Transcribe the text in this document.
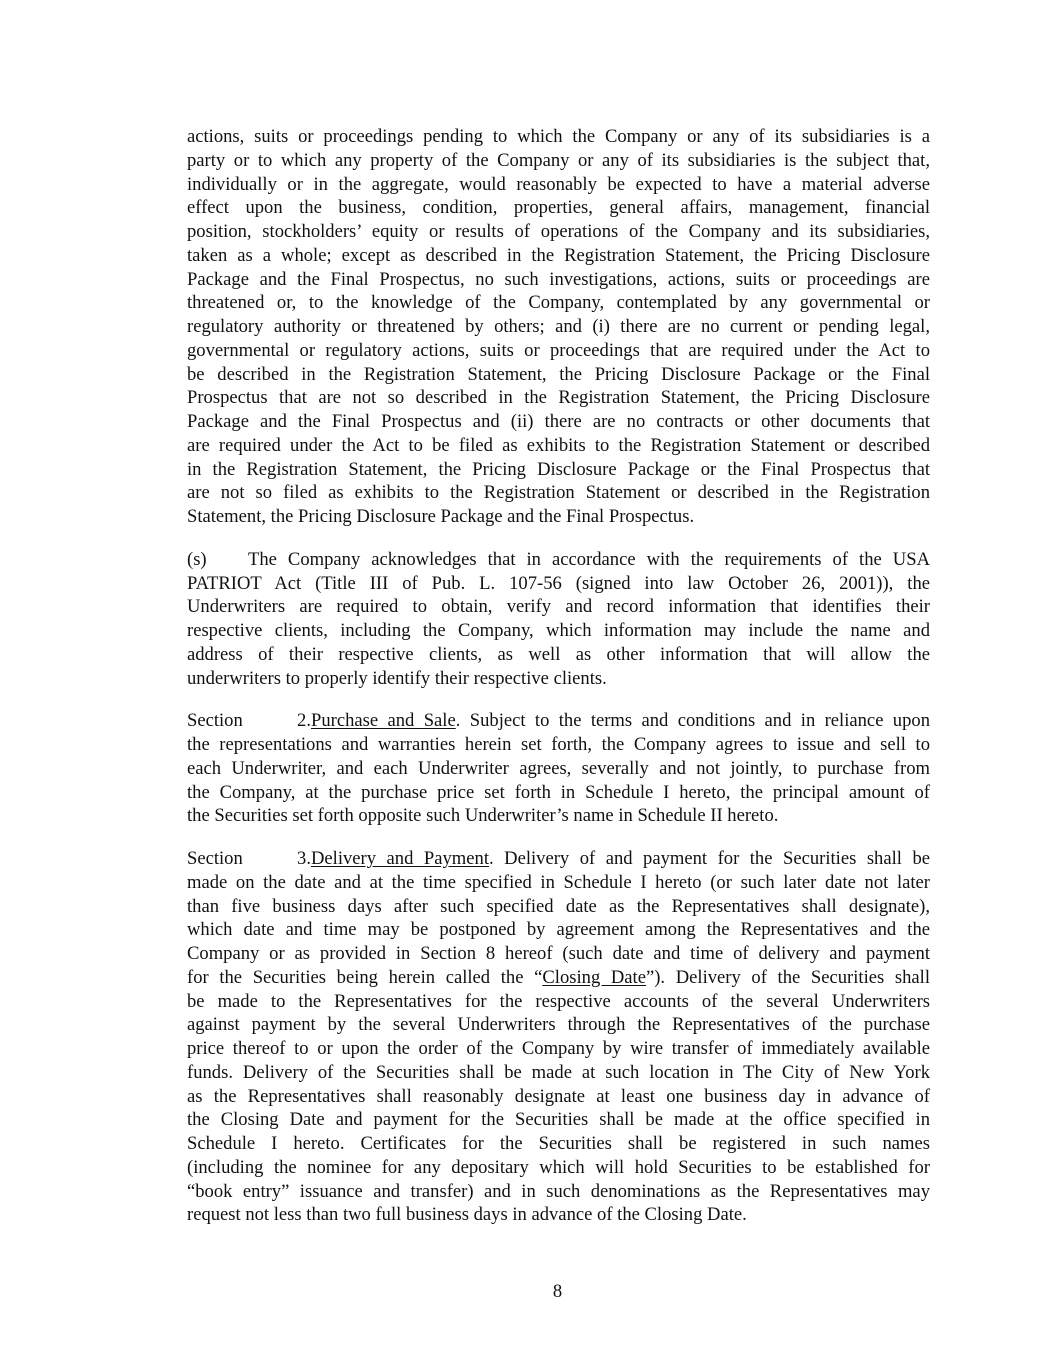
actions, suits or proceedings pending to which the Company or any of its subsidiaries is a
party or to which any property of the Company or any of its subsidiaries is the subject that,
individually or in the aggregate, would reasonably be expected to have a material adverse
effect upon the business, condition, properties, general affairs, management, financial
position, stockholders’ equity or results of operations of the Company and its subsidiaries,
taken as a whole; except as described in the Registration Statement, the Pricing Disclosure
Package and the Final Prospectus, no such investigations, actions, suits or proceedings are
threatened or, to the knowledge of the Company, contemplated by any governmental or
regulatory authority or threatened by others; and (i) there are no current or pending legal,
governmental or regulatory actions, suits or proceedings that are required under the Act to
be described in the Registration Statement, the Pricing Disclosure Package or the Final
Prospectus that are not so described in the Registration Statement, the Pricing Disclosure
Package and the Final Prospectus and (ii) there are no contracts or other documents that
are required under the Act to be filed as exhibits to the Registration Statement or described
in the Registration Statement, the Pricing Disclosure Package or the Final Prospectus that
are not so filed as exhibits to the Registration Statement or described in the Registration
Statement, the Pricing Disclosure Package and the Final Prospectus.
(s) The Company acknowledges that in accordance with the requirements of the USA
PATRIOT Act (Title III of Pub. L. 107-56 (signed into law October 26, 2001)), the
Underwriters are required to obtain, verify and record information that identifies their
respective clients, including the Company, which information may include the name and
address of their respective clients, as well as other information that will allow the
underwriters to properly identify their respective clients.
Section 2.Purchase and Sale. Subject to the terms and conditions and in reliance upon
the representations and warranties herein set forth, the Company agrees to issue and sell to
each Underwriter, and each Underwriter agrees, severally and not jointly, to purchase from
the Company, at the purchase price set forth in Schedule I hereto, the principal amount of
the Securities set forth opposite such Underwriter’s name in Schedule II hereto.
Section 3.Delivery and Payment. Delivery of and payment for the Securities shall be
made on the date and at the time specified in Schedule I hereto (or such later date not later
than five business days after such specified date as the Representatives shall designate),
which date and time may be postponed by agreement among the Representatives and the
Company or as provided in Section 8 hereof (such date and time of delivery and payment
for the Securities being herein called the “Closing Date”). Delivery of the Securities shall
be made to the Representatives for the respective accounts of the several Underwriters
against payment by the several Underwriters through the Representatives of the purchase
price thereof to or upon the order of the Company by wire transfer of immediately available
funds. Delivery of the Securities shall be made at such location in The City of New York
as the Representatives shall reasonably designate at least one business day in advance of
the Closing Date and payment for the Securities shall be made at the office specified in
Schedule I hereto. Certificates for the Securities shall be registered in such names
(including the nominee for any depositary which will hold Securities to be established for
“book entry” issuance and transfer) and in such denominations as the Representatives may
request not less than two full business days in advance of the Closing Date.
8
